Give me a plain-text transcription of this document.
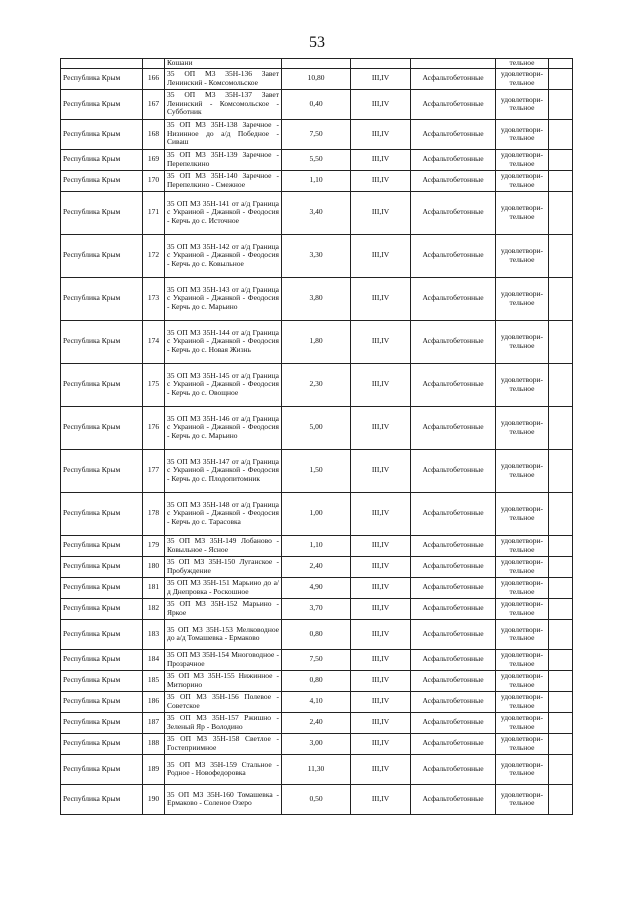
53
		Кошани				тельное	
Республика Крым	166	35 ОП М3 35Н-136 Завет Ленинский - Комсомольское	10,80	III,IV	Асфальтобетонные	удовлетвори-тельное	
Республика Крым	167	35 ОП М3 35Н-137 Завет Ленинский - Комсомольское - Субботник	0,40	III,IV	Асфальтобетонные	удовлетвори-тельное	
Республика Крым	168	35 ОП М3 35Н-138 Заречное - Низинное до а/д Победное - Сиваш	7,50	III,IV	Асфальтобетонные	удовлетвори-тельное	
Республика Крым	169	35 ОП М3 35Н-139 Заречное - Перепелкино	5,50	III,IV	Асфальтобетонные	удовлетвори-тельное	
Республика Крым	170	35 ОП М3 35Н-140 Заречное - Перепелкино - Смежное	1,10	III,IV	Асфальтобетонные	удовлетвори-тельное	
Республика Крым	171	35 ОП М3 35Н-141 от а/д Граница с Украиной - Джанкой - Феодосия - Керчь до с. Источное	3,40	III,IV	Асфальтобетонные	удовлетвори-тельное	
Республика Крым	172	35 ОП М3 35Н-142 от а/д Граница с Украиной - Джанкой - Феодосия - Керчь до с. Ковыльное	3,30	III,IV	Асфальтобетонные	удовлетвори-тельное	
Республика Крым	173	35 ОП М3 35Н-143 от а/д Граница с Украиной - Джанкой - Феодосия - Керчь до с. Марьино	3,80	III,IV	Асфальтобетонные	удовлетвори-тельное	
Республика Крым	174	35 ОП М3 35Н-144 от а/д Граница с Украиной - Джанкой - Феодосия - Керчь до с. Новая Жизнь	1,80	III,IV	Асфальтобетонные	удовлетвори-тельное	
Республика Крым	175	35 ОП М3 35Н-145 от а/д Граница с Украиной - Джанкой - Феодосия - Керчь до с. Овощное	2,30	III,IV	Асфальтобетонные	удовлетвори-тельное	
Республика Крым	176	35 ОП М3 35Н-146 от а/д Граница с Украиной - Джанкой - Феодосия - Керчь до с. Марьино	5,00	III,IV	Асфальтобетонные	удовлетвори-тельное	
Республика Крым	177	35 ОП М3 35Н-147 от а/д Граница с Украиной - Джанкой - Феодосия - Керчь до с. Плодопитомник	1,50	III,IV	Асфальтобетонные	удовлетвори-тельное	
Республика Крым	178	35 ОП М3 35Н-148 от а/д Граница с Украиной - Джанкой - Феодосия - Керчь до с. Тарасовка	1,00	III,IV	Асфальтобетонные	удовлетвори-тельное	
Республика Крым	179	35 ОП М3 35Н-149 Лобаново - Ковыльное - Ясное	1,10	III,IV	Асфальтобетонные	удовлетвори-тельное	
Республика Крым	180	35 ОП М3 35Н-150 Луганское - Пробуждение	2,40	III,IV	Асфальтобетонные	удовлетвори-тельное	
Республика Крым	181	35 ОП М3 35Н-151 Марьино до а/д Днепровка - Роскошное	4,90	III,IV	Асфальтобетонные	удовлетвори-тельное	
Республика Крым	182	35 ОП М3 35Н-152 Марьино - Яркое	3,70	III,IV	Асфальтобетонные	удовлетвори-тельное	
Республика Крым	183	35 ОП М3 35Н-153 Мелководное до а/д Томашевка - Ермаково	0,80	III,IV	Асфальтобетонные	удовлетвори-тельное	
Республика Крым	184	35 ОП М3 35Н-154 Многоводное - Прозрачное	7,50	III,IV	Асфальтобетонные	удовлетвори-тельное	
Республика Крым	185	35 ОП М3 35Н-155 Нижинное - Митюрино	0,80	III,IV	Асфальтобетонные	удовлетвори-тельное	
Республика Крым	186	35 ОП М3 35Н-156 Полевое - Советское	4,10	III,IV	Асфальтобетонные	удовлетвори-тельное	
Республика Крым	187	35 ОП М3 35Н-157 Ржишно - Зеленый Яр - Володино	2,40	III,IV	Асфальтобетонные	удовлетвори-тельное	
Республика Крым	188	35 ОП М3 35Н-158 Светлое - Гостеприимное	3,00	III,IV	Асфальтобетонные	удовлетвори-тельное	
Республика Крым	189	35 ОП М3 35Н-159 Стальное - Родное - Новофедоровка	11,30	III,IV	Асфальтобетонные	удовлетвори-тельное	
Республика Крым	190	35 ОП М3 35Н-160 Томашевка - Ермаково - Соленое Озеро	0,50	III,IV	Асфальтобетонные	удовлетвори-тельное	
